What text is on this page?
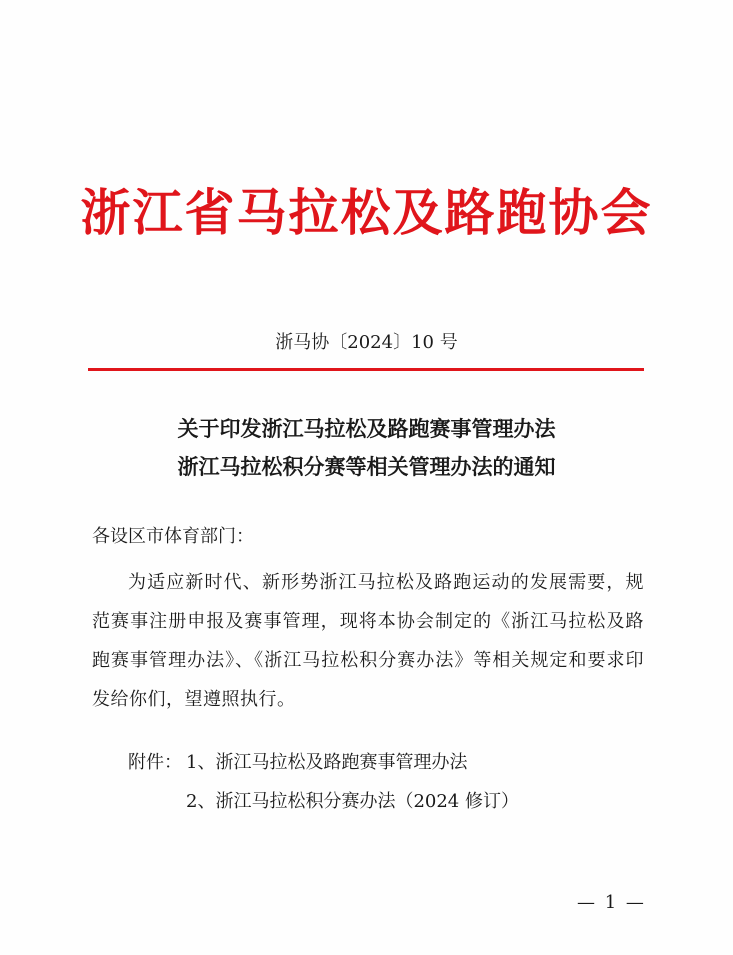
浙江省马拉松及路跑协会
浙马协〔2024〕10 号
关于印发浙江马拉松及路跑赛事管理办法
浙江马拉松积分赛等相关管理办法的通知
各设区市体育部门：
为适应新时代、新形势浙江马拉松及路跑运动的发展需要，规范赛事注册申报及赛事管理，现将本协会制定的《浙江马拉松及路跑赛事管理办法》、《浙江马拉松积分赛办法》等相关规定和要求印发给你们，望遵照执行。
附件： 1、浙江马拉松及路跑赛事管理办法
2、浙江马拉松积分赛办法（2024 修订）
— 1 —
